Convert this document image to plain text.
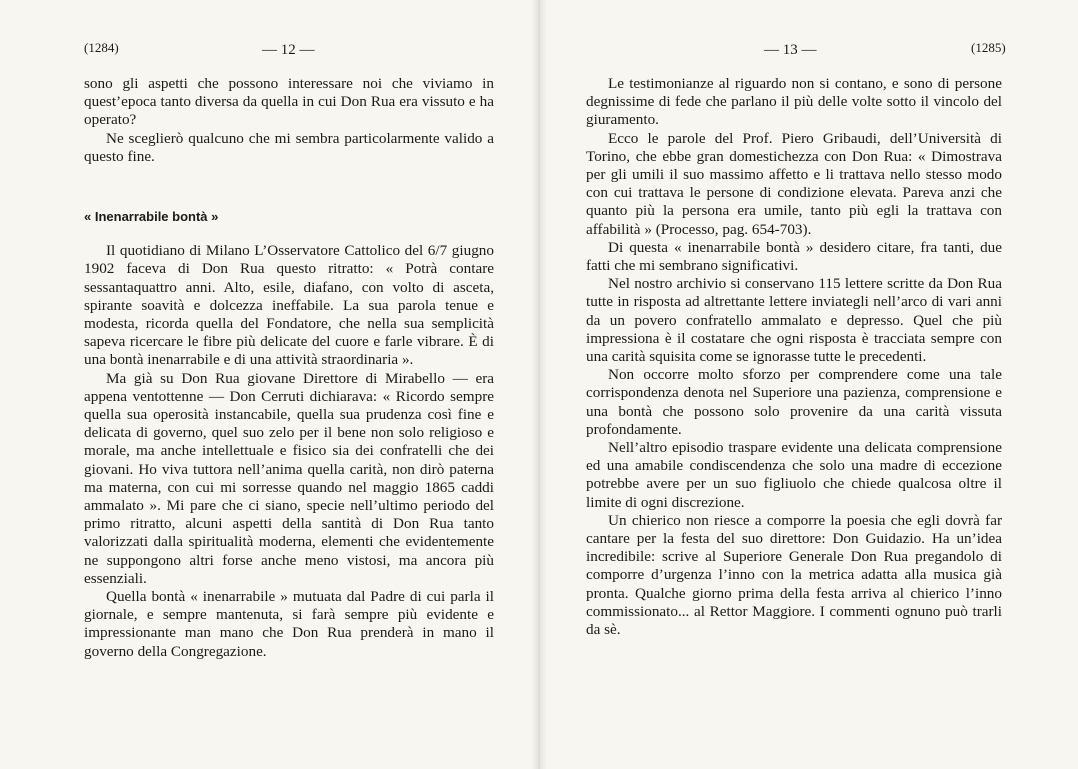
(1284)	— 12 —

sono gli aspetti che possono interessare noi che viviamo in quest’epoca tanto diversa da quella in cui Don Rua era vissuto e ha operato?

Ne sceglierò qualcuno che mi sembra particolarmente valido a questo fine.

« Inenarrabile bontà »

Il quotidiano di Milano L’Osservatore Cattolico del 6/7 giugno 1902 faceva di Don Rua questo ritratto: « Potrà contare sessantaquattro anni. Alto, esile, diafano, con volto di asceta, spirante soavità e dolcezza ineffabile. La sua parola tenue e modesta, ricorda quella del Fondatore, che nella sua semplicità sapeva ricercare le fibre più delicate del cuore e farle vibrare. È di una bontà inenarrabile e di una attività straordinaria ».

Ma già su Don Rua giovane Direttore di Mirabello — era appena ventottenne — Don Cerruti dichiarava: « Ricordo sempre quella sua operosità instancabile, quella sua prudenza così fine e delicata di governo, quel suo zelo per il bene non solo religioso e morale, ma anche intellettuale e fisico sia dei confratelli che dei giovani. Ho viva tuttora nell’anima quella carità, non dirò paterna ma materna, con cui mi sorresse quando nel maggio 1865 caddi ammalato ». Mi pare che ci siano, specie nell’ultimo periodo del primo ritratto, alcuni aspetti della santità di Don Rua tanto valorizzati dalla spiritualità moderna, elementi che evidentemente ne suppongono altri forse anche meno vistosi, ma ancora più essenziali.

Quella bontà « inenarrabile » mutuata dal Padre di cui parla il giornale, e sempre mantenuta, si farà sempre più evidente e impressionante man mano che Don Rua prenderà in mano il governo della Congregazione.

— 13 —	(1285)

Le testimonianze al riguardo non si contano, e sono di persone degnissime di fede che parlano il più delle volte sotto il vincolo del giuramento.

Ecco le parole del Prof. Piero Gribaudi, dell’Università di Torino, che ebbe gran domestichezza con Don Rua: « Dimostrava per gli umili il suo massimo affetto e li trattava nello stesso modo con cui trattava le persone di condizione elevata. Pareva anzi che quanto più la persona era umile, tanto più egli la trattava con affabilità » (Processo, pag. 654-703).

Di questa « inenarrabile bontà » desidero citare, fra tanti, due fatti che mi sembrano significativi.

Nel nostro archivio si conservano 115 lettere scritte da Don Rua tutte in risposta ad altrettante lettere inviategli nell’arco di vari anni da un povero confratello ammalato e depresso. Quel che più impressiona è il costatare che ogni risposta è tracciata sempre con una carità squisita come se ignorasse tutte le precedenti.

Non occorre molto sforzo per comprendere come una tale corrispondenza denota nel Superiore una pazienza, comprensione e una bontà che possono solo provenire da una carità vissuta profondamente.

Nell’altro episodio traspare evidente una delicata comprensione ed una amabile condiscendenza che solo una madre di eccezione potrebbe avere per un suo figliuolo che chiede qualcosa oltre il limite di ogni discrezione.

Un chierico non riesce a comporre la poesia che egli dovrà far cantare per la festa del suo direttore: Don Guidazio. Ha un’idea incredibile: scrive al Superiore Generale Don Rua pregandolo di comporre d’urgenza l’inno con la metrica adatta alla musica già pronta. Qualche giorno prima della festa arriva al chierico l’inno commissionato... al Rettor Maggiore. I commenti ognuno può trarli da sè.
